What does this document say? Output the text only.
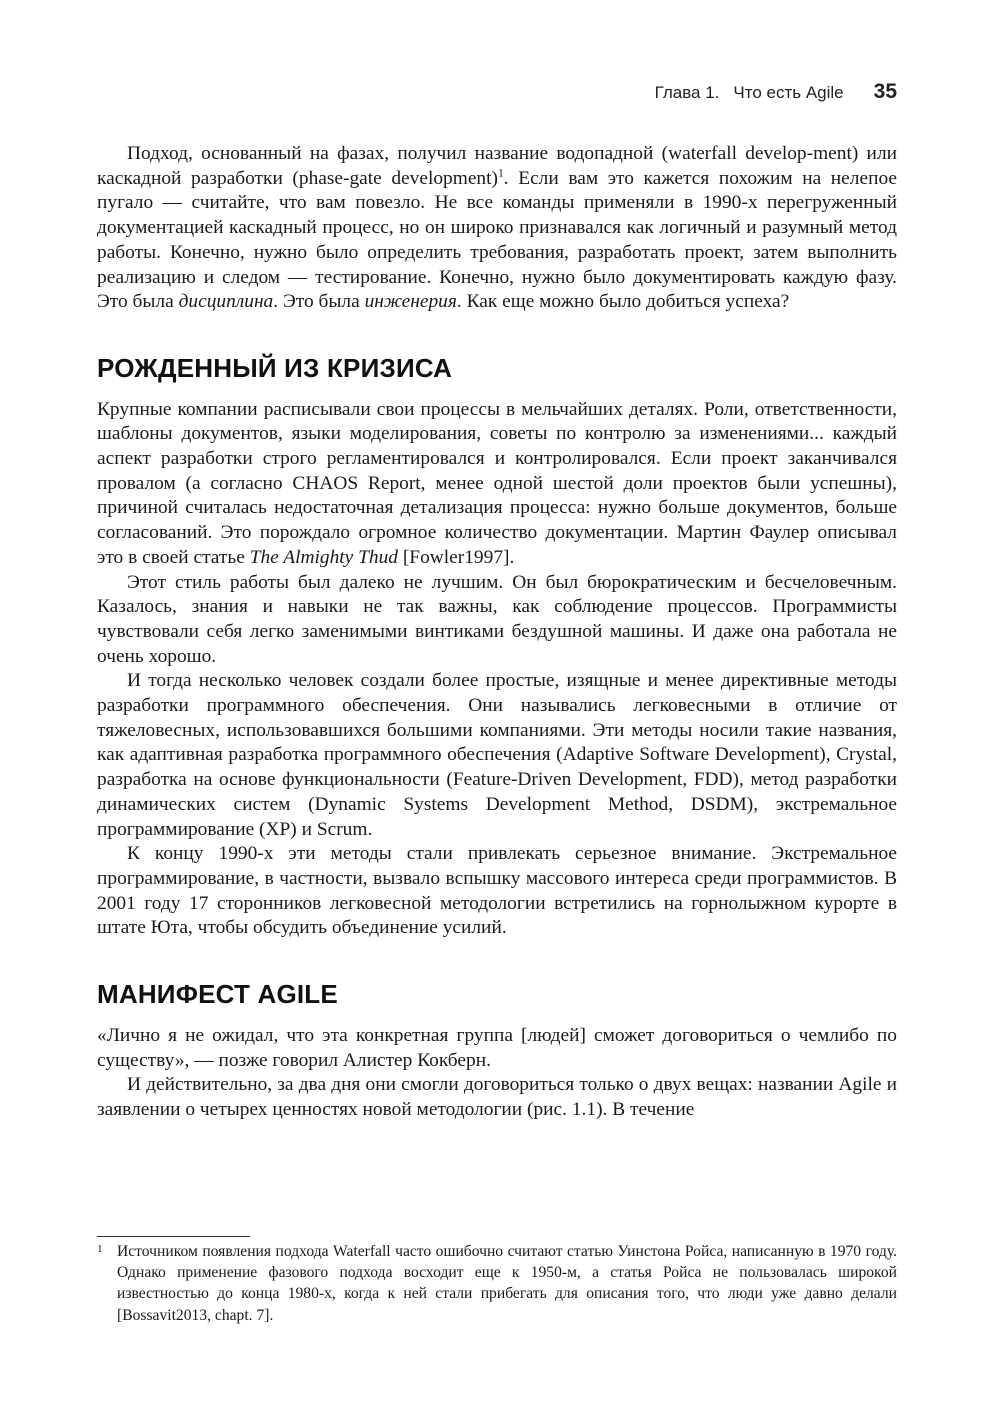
Глава 1. Что есть Agile 35

Подход, основанный на фазах, получил название водопадной (waterfall develop-ment) или каскадной разработки (phase-gate development)$^1$. Если вам это кажется похожим на нелепое пугало — считайте, что вам повезло. Не все команды применяли в 1990-х перегруженный документацией каскадный процесс, но он широко признавался как логичный и разумный метод работы. Конечно, нужно было определить требования, разработать проект, затем выполнить реализацию и следом — тестирование. Конечно, нужно было документировать каждую фазу. Это была дисциплина. Это была инженерия. Как еще можно было добиться успеха?

РОЖДЕННЫЙ ИЗ КРИЗИСА

Крупные компании расписывали свои процессы в мельчайших деталях. Роли, ответственности, шаблоны документов, языки моделирования, советы по контролю за изменениями... каждый аспект разработки строго регламентировался и контролировался. Если проект заканчивался провалом (а согласно CHAOS Report, менее одной шестой доли проектов были успешны), причиной считалась недостаточная детализация процесса: нужно больше документов, больше согласований. Это порождало огромное количество документации. Мартин Фаулер описывал это в своей статье The Almighty Thud [Fowler1997].

Этот стиль работы был далеко не лучшим. Он был бюрократическим и бесчеловечным. Казалось, знания и навыки не так важны, как соблюдение процессов. Программисты чувствовали себя легко заменимыми винтиками бездушной машины. И даже она работала не очень хорошо.

И тогда несколько человек создали более простые, изящные и менее директивные методы разработки программного обеспечения. Они назывались легковесными в отличие от тяжеловесных, использовавшихся большими компаниями. Эти методы носили такие названия, как адаптивная разработка программного обеспечения (Adaptive Software Development), Crystal, разработка на основе функциональности (Feature-Driven Development, FDD), метод разработки динамических систем (Dynamic Systems Development Method, DSDM), экстремальное программирование (XP) и Scrum.

К концу 1990-х эти методы стали привлекать серьезное внимание. Экстремальное программирование, в частности, вызвало вспышку массового интереса среди программистов. В 2001 году 17 сторонников легковесной методологии встретились на горнолыжном курорте в штате Юта, чтобы обсудить объединение усилий.

МАНИФЕСТ AGILE

«Лично я не ожидал, что эта конкретная группа [людей] сможет договориться о чемлибо по существу», — позже говорил Алистер Кокберн.

И действительно, за два дня они смогли договориться только о двух вещах: названии Agile и заявлении о четырех ценностях новой методологии (рис. 1.1). В течение

1 Источником появления подхода Waterfall часто ошибочно считают статью Уинстона Ройса, написанную в 1970 году. Однако применение фазового подхода восходит еще к 1950-м, а статья Ройса не пользовалась широкой известностью до конца 1980-х, когда к ней стали прибегать для описания того, что люди уже давно делали [Bossavit2013, chapt. 7].
